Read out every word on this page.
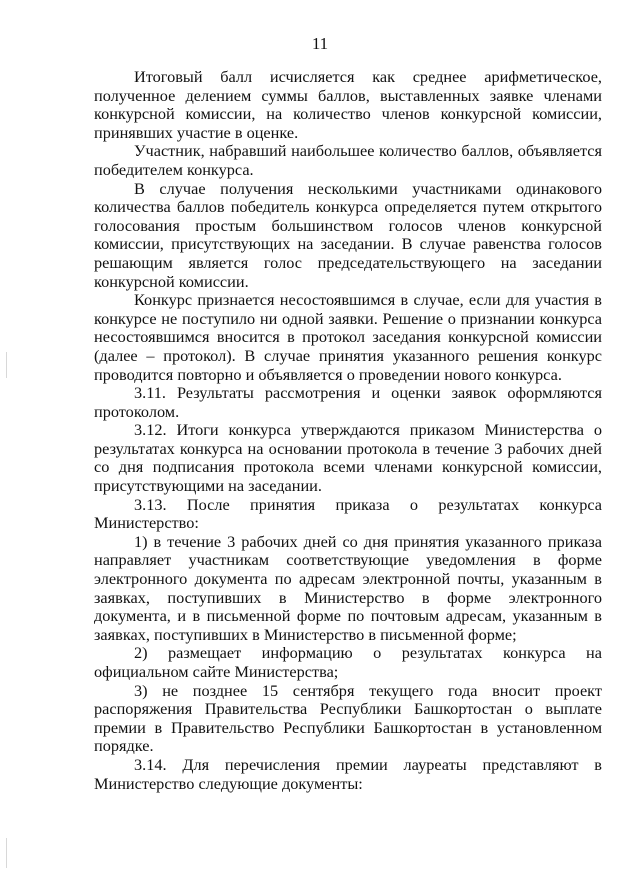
11

Итоговый балл исчисляется как среднее арифметическое, полученное делением суммы баллов, выставленных заявке членами конкурсной комиссии, на количество членов конкурсной комиссии, принявших участие в оценке.

Участник, набравший наибольшее количество баллов, объявляется победителем конкурса.

В случае получения несколькими участниками одинакового количества баллов победитель конкурса определяется путем открытого голосования простым большинством голосов членов конкурсной комиссии, присутствующих на заседании. В случае равенства голосов решающим является голос председательствующего на заседании конкурсной комиссии.

Конкурс признается несостоявшимся в случае, если для участия в конкурсе не поступило ни одной заявки. Решение о признании конкурса несостоявшимся вносится в протокол заседания конкурсной комиссии (далее – протокол). В случае принятия указанного решения конкурс проводится повторно и объявляется о проведении нового конкурса.

3.11. Результаты рассмотрения и оценки заявок оформляются протоколом.

3.12. Итоги конкурса утверждаются приказом Министерства о результатах конкурса на основании протокола в течение 3 рабочих дней со дня подписания протокола всеми членами конкурсной комиссии, присутствующими на заседании.

3.13. После принятия приказа о результатах конкурса Министерство:

1) в течение 3 рабочих дней со дня принятия указанного приказа направляет участникам соответствующие уведомления в форме электронного документа по адресам электронной почты, указанным в заявках, поступивших в Министерство в форме электронного документа, и в письменной форме по почтовым адресам, указанным в заявках, поступивших в Министерство в письменной форме;

2) размещает информацию о результатах конкурса на официальном сайте Министерства;

3) не позднее 15 сентября текущего года вносит проект распоряжения Правительства Республики Башкортостан о выплате премии в Правительство Республики Башкортостан в установленном порядке.

3.14. Для перечисления премии лауреаты представляют в Министерство следующие документы:
